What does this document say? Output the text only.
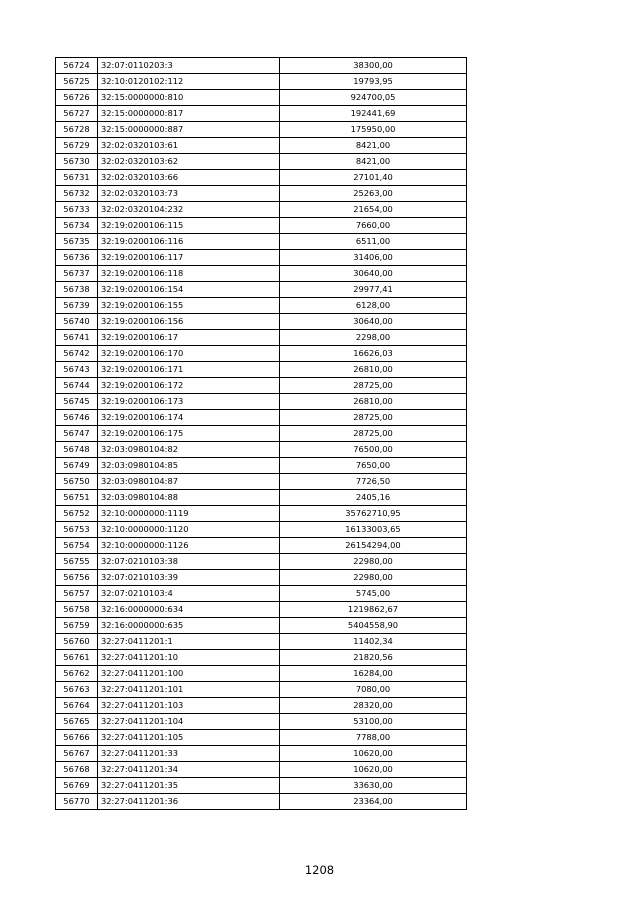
56724	32:07:0110203:3	38300,00
56725	32:10:0120102:112	19793,95
56726	32:15:0000000:810	924700,05
56727	32:15:0000000:817	192441,69
56728	32:15:0000000:887	175950,00
56729	32:02:0320103:61	8421,00
56730	32:02:0320103:62	8421,00
56731	32:02:0320103:66	27101,40
56732	32:02:0320103:73	25263,00
56733	32:02:0320104:232	21654,00
56734	32:19:0200106:115	7660,00
56735	32:19:0200106:116	6511,00
56736	32:19:0200106:117	31406,00
56737	32:19:0200106:118	30640,00
56738	32:19:0200106:154	29977,41
56739	32:19:0200106:155	6128,00
56740	32:19:0200106:156	30640,00
56741	32:19:0200106:17	2298,00
56742	32:19:0200106:170	16626,03
56743	32:19:0200106:171	26810,00
56744	32:19:0200106:172	28725,00
56745	32:19:0200106:173	26810,00
56746	32:19:0200106:174	28725,00
56747	32:19:0200106:175	28725,00
56748	32:03:0980104:82	76500,00
56749	32:03:0980104:85	7650,00
56750	32:03:0980104:87	7726,50
56751	32:03:0980104:88	2405,16
56752	32:10:0000000:1119	35762710,95
56753	32:10:0000000:1120	16133003,65
56754	32:10:0000000:1126	26154294,00
56755	32:07:0210103:38	22980,00
56756	32:07:0210103:39	22980,00
56757	32:07:0210103:4	5745,00
56758	32:16:0000000:634	1219862,67
56759	32:16:0000000:635	5404558,90
56760	32:27:0411201:1	11402,34
56761	32:27:0411201:10	21820,56
56762	32:27:0411201:100	16284,00
56763	32:27:0411201:101	7080,00
56764	32:27:0411201:103	28320,00
56765	32:27:0411201:104	53100,00
56766	32:27:0411201:105	7788,00
56767	32:27:0411201:33	10620,00
56768	32:27:0411201:34	10620,00
56769	32:27:0411201:35	33630,00
56770	32:27:0411201:36	23364,00
1208
